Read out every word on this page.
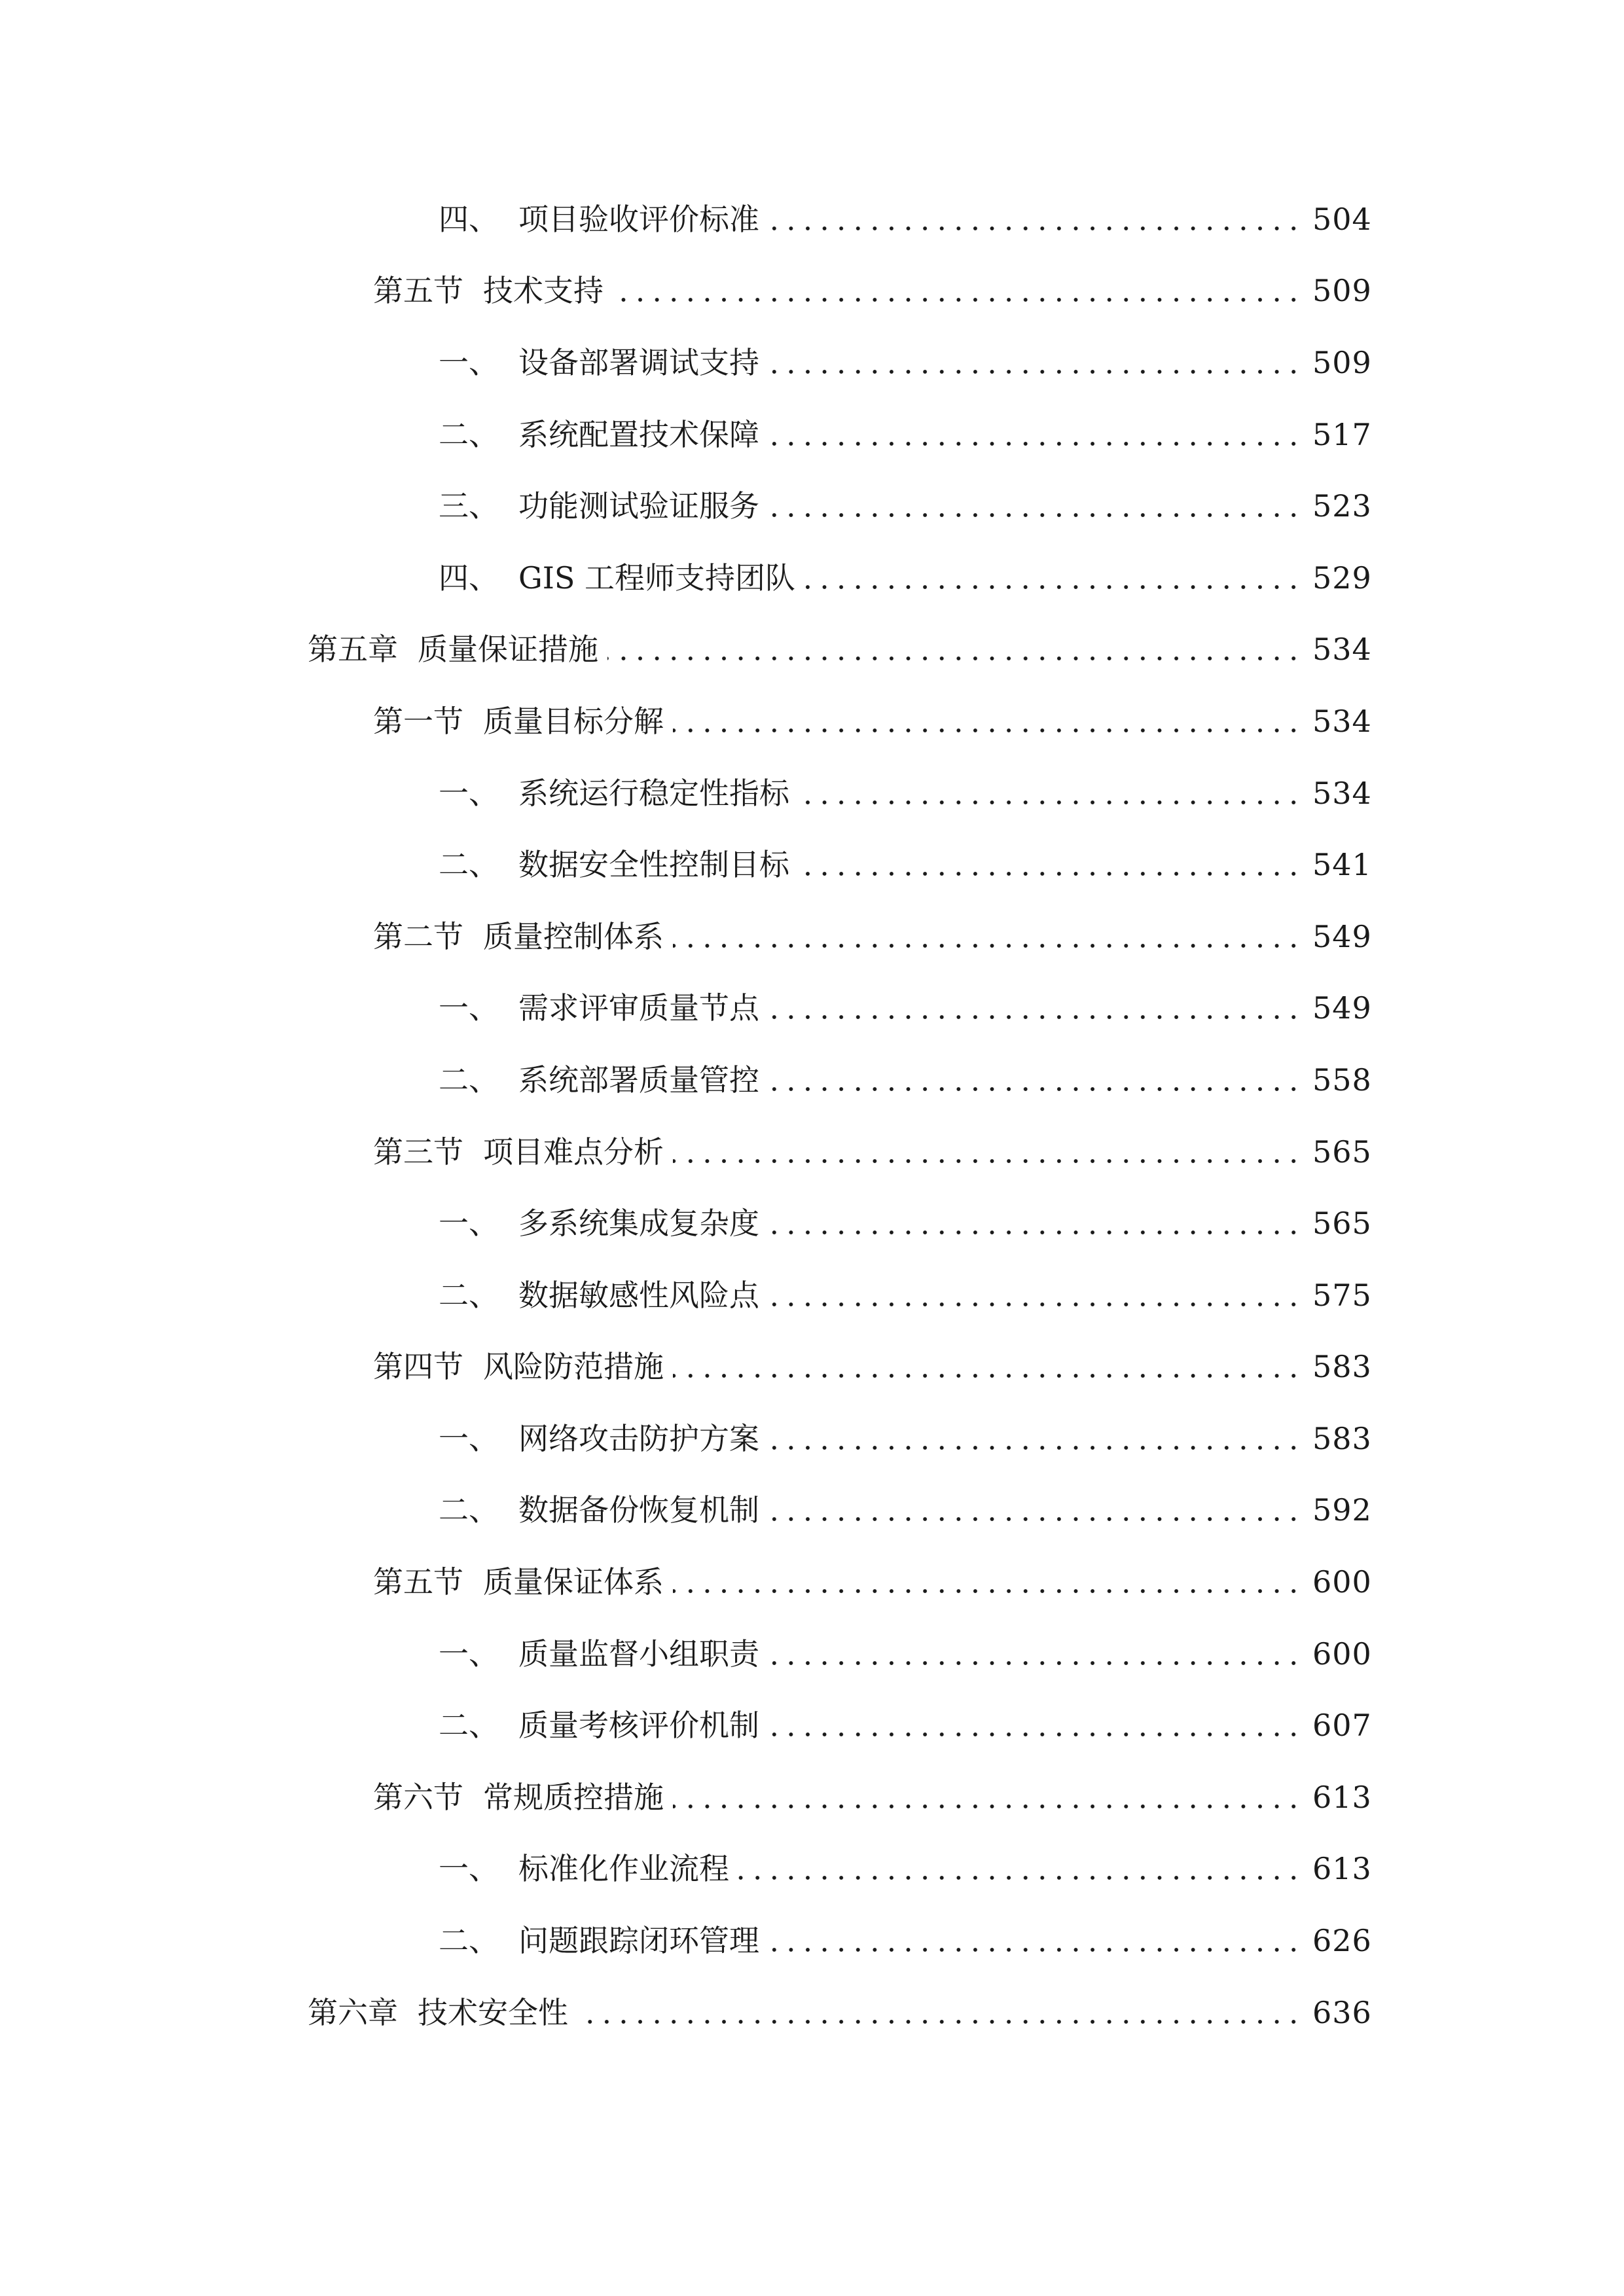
四、 项目验收评价标准	504
第五节 技术支持	509
一、 设备部署调试支持	509
二、 系统配置技术保障	517
三、 功能测试验证服务	523
四、 GIS 工程师支持团队	529
第五章 质量保证措施	534
第一节 质量目标分解	534
一、 系统运行稳定性指标	534
二、 数据安全性控制目标	541
第二节 质量控制体系	549
一、 需求评审质量节点	549
二、 系统部署质量管控	558
第三节 项目难点分析	565
一、 多系统集成复杂度	565
二、 数据敏感性风险点	575
第四节 风险防范措施	583
一、 网络攻击防护方案	583
二、 数据备份恢复机制	592
第五节 质量保证体系	600
一、 质量监督小组职责	600
二、 质量考核评价机制	607
第六节 常规质控措施	613
一、 标准化作业流程	613
二、 问题跟踪闭环管理	626
第六章 技术安全性	636
